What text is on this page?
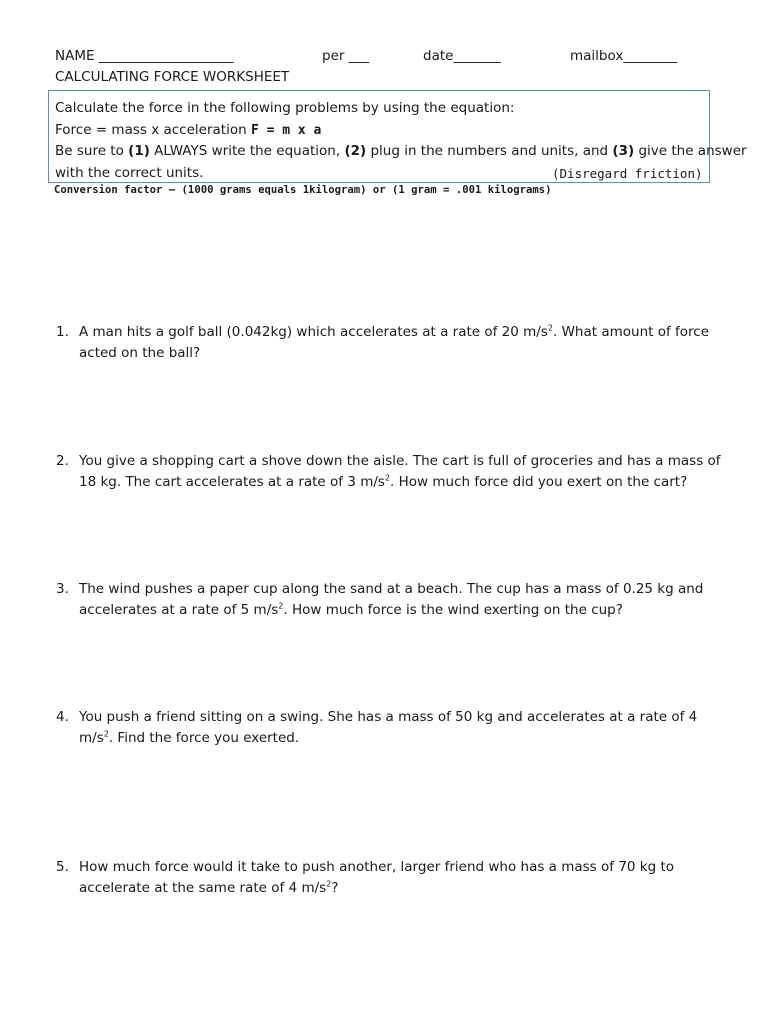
NAME ____________________	per ___	date_______	mailbox________
CALCULATING FORCE WORKSHEET
Calculate the force in the following problems by using the equation:
Force = mass x acceleration F = m x a
Be sure to (1) ALWAYS write the equation, (2) plug in the numbers and units, and (3) give the answer
with the correct units.	(Disregard friction)
Conversion factor – (1000 grams equals 1kilogram) or (1 gram = .001 kilograms)
1. A man hits a golf ball (0.042kg) which accelerates at a rate of 20 $m/s^2$. What amount of force acted on the ball?
2. You give a shopping cart a shove down the aisle. The cart is full of groceries and has a mass of 18 kg. The cart accelerates at a rate of 3 $m/s^2$. How much force did you exert on the cart?
3. The wind pushes a paper cup along the sand at a beach. The cup has a mass of 0.25 kg and accelerates at a rate of 5 $m/s^2$. How much force is the wind exerting on the cup?
4. You push a friend sitting on a swing. She has a mass of 50 kg and accelerates at a rate of 4 $m/s^2$. Find the force you exerted.
5. How much force would it take to push another, larger friend who has a mass of 70 kg to accelerate at the same rate of 4 $m/s^2$?
